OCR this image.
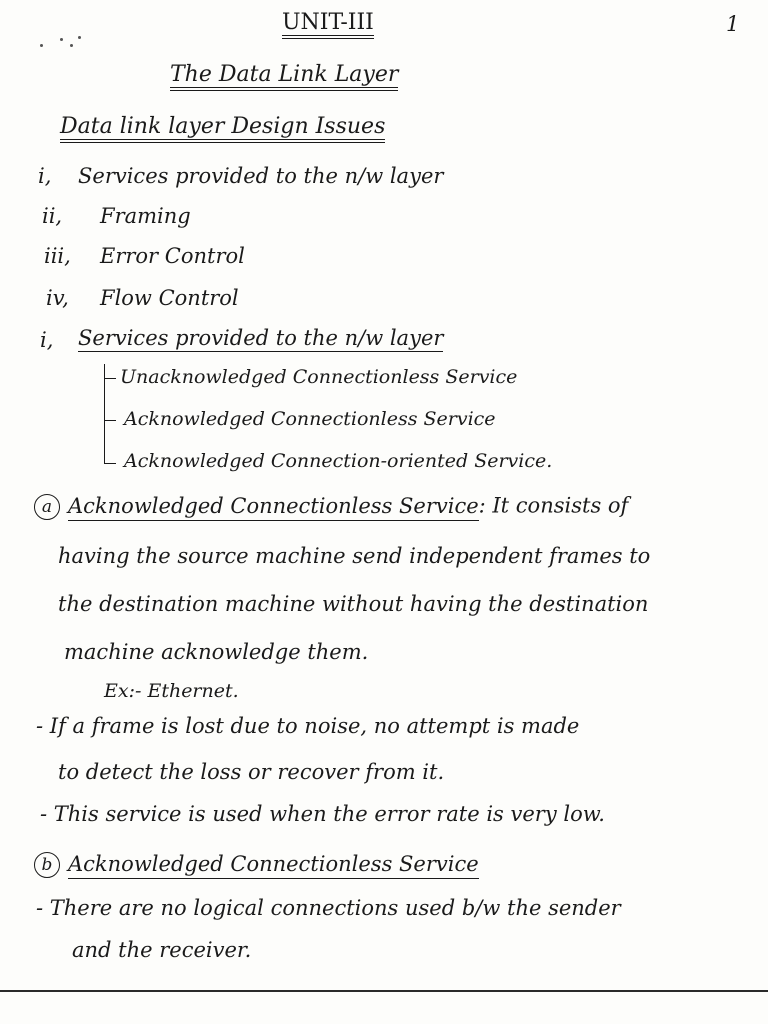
1
UNIT-III
The Data Link Layer
Data link layer Design Issues
i, Services provided to the n/w layer
ii, Framing
iii, Error Control
iv, Flow Control
i, Services provided to the n/w layer
Unacknowledged Connectionless Service
Acknowledged Connectionless Service
Acknowledged Connection-oriented Service.
a Acknowledged Connectionless Service: It consists of
having the source machine send independent frames to
the destination machine without having the destination
machine acknowledge them.
Ex:- Ethernet.
- If a frame is lost due to noise, no attempt is made
to detect the loss or recover from it.
- This service is used when the error rate is very low.
b Acknowledged Connectionless Service
- There are no logical connections used b/w the sender
and the receiver.
